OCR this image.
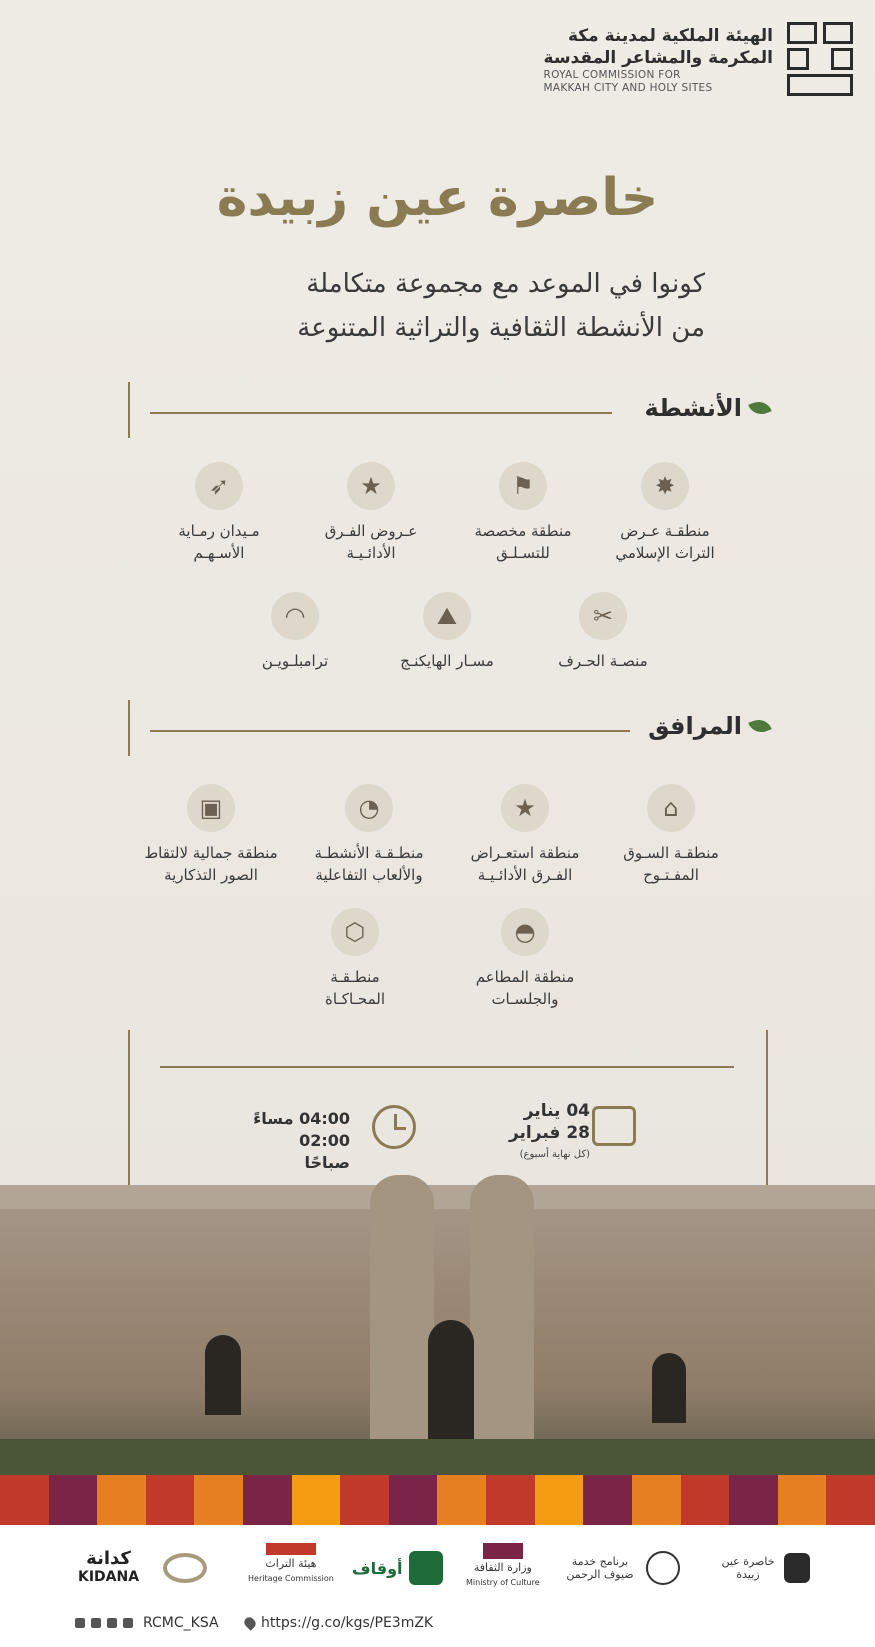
الهيئة الملكية لمدينة مكة
المكرمة والمشاعر المقدسة
ROYAL COMMISSION FOR
MAKKAH CITY AND HOLY SITES
خاصرة عين زبيدة
كونوا في الموعد مع مجموعة متكاملة
من الأنشطة الثقافية والتراثية المتنوعة
الأنشطة
✸
منطقـة عـرض
التراث الإسلامي
⚑
منطقة مخصصة
للتسـلـق
★
عـروض الفـرق
الأدائـيـة
➶
مـيدان رمـاية
الأسـهـم
✂
منصـة الحـرف
⛰
مسـار الهايكنـج
◠
ترامبلـويـن
المرافق
⌂
منطقـة السـوق
المفـتـوح
★
منطقة استعـراض
الفـرق الأدائـيـة
◔
منطـقـة الأنشطـة
والألعاب التفاعلية
▣
منطقة جمالية لالتقاط
الصور التذكارية
◓
منطقة المطاعم
والجلسـات
⬡
منطـقـة
المحـاكـاة
04 يناير
28 فبراير
(كل نهاية أسبوع)
04:00 مساءً
02:00 صباحًا
خاصرة عين زبيدة
برنامج خدمة ضيوف الرحمن
وزارة الثقافة
Ministry of Culture
أوقاف
هيئة التراث
Heritage Commission
كدانة
KIDANA
RCMC_KSA	https://g.co/kgs/PE3mZK
